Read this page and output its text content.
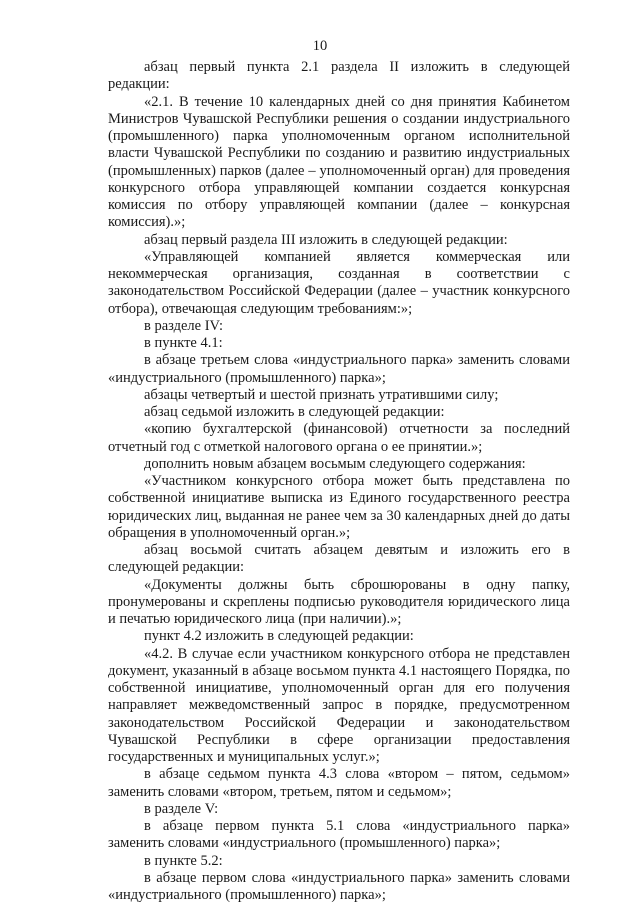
10

абзац первый пункта 2.1 раздела II изложить в следующей редакции:

«2.1. В течение 10 календарных дней со дня принятия Кабинетом Министров Чувашской Республики решения о создании индустриального (промышленного) парка уполномоченным органом исполнительной власти Чувашской Республики по созданию и развитию индустриальных (промышленных) парков (далее – уполномоченный орган) для проведения конкурсного отбора управляющей компании создается конкурсная комиссия по отбору управляющей компании (далее – конкурсная комиссия).»;

абзац первый раздела III изложить в следующей редакции:

«Управляющей компанией является коммерческая или некоммерческая организация, созданная в соответствии с законодательством Российской Федерации (далее – участник конкурсного отбора), отвечающая следующим требованиям:»;

в разделе IV:

в пункте 4.1:

в абзаце третьем слова «индустриального парка» заменить словами «индустриального (промышленного) парка»;

абзацы четвертый и шестой признать утратившими силу;

абзац седьмой изложить в следующей редакции:

«копию бухгалтерской (финансовой) отчетности за последний отчетный год с отметкой налогового органа о ее принятии.»;

дополнить новым абзацем восьмым следующего содержания:

«Участником конкурсного отбора может быть представлена по собственной инициативе выписка из Единого государственного реестра юридических лиц, выданная не ранее чем за 30 календарных дней до даты обращения в уполномоченный орган.»;

абзац восьмой считать абзацем девятым и изложить его в следующей редакции:

«Документы должны быть сброшюрованы в одну папку, пронумерованы и скреплены подписью руководителя юридического лица и печатью юридического лица (при наличии).»;

пункт 4.2 изложить в следующей редакции:

«4.2. В случае если участником конкурсного отбора не представлен документ, указанный в абзаце восьмом пункта 4.1 настоящего Порядка, по собственной инициативе, уполномоченный орган для его получения направляет межведомственный запрос в порядке, предусмотренном законодательством Российской Федерации и законодательством Чувашской Республики в сфере организации предоставления государственных и муниципальных услуг.»;

в абзаце седьмом пункта 4.3 слова «втором – пятом, седьмом» заменить словами «втором, третьем, пятом и седьмом»;

в разделе V:

в абзаце первом пункта 5.1 слова «индустриального парка» заменить словами «индустриального (промышленного) парка»;

в пункте 5.2:

в абзаце первом слова «индустриального парка» заменить словами «индустриального (промышленного) парка»;
